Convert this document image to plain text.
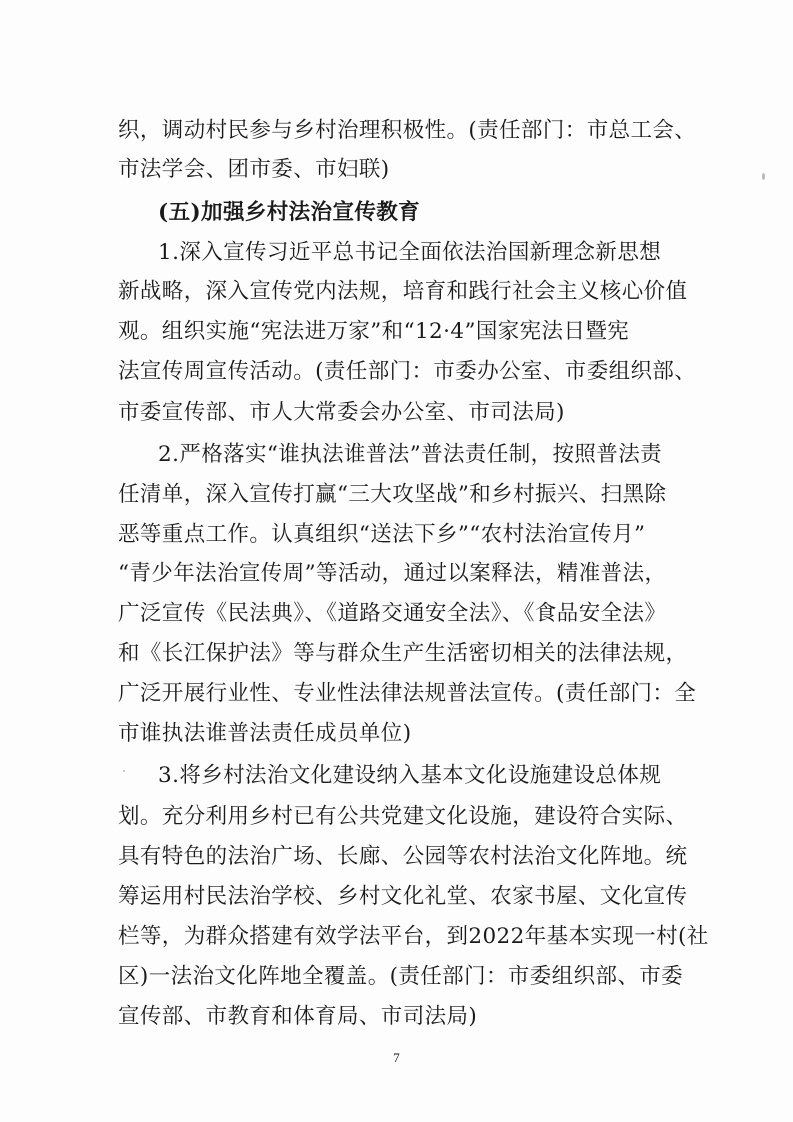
织，调动村民参与乡村治理积极性。(责任部门：市总工会、
市法学会、团市委、市妇联)
(五)加强乡村法治宣传教育
1.深入宣传习近平总书记全面依法治国新理念新思想
新战略，深入宣传党内法规，培育和践行社会主义核心价值
观。组织实施“宪法进万家”和“12·4”国家宪法日暨宪
法宣传周宣传活动。(责任部门：市委办公室、市委组织部、
市委宣传部、市人大常委会办公室、市司法局)
2.严格落实“谁执法谁普法”普法责任制，按照普法责
任清单，深入宣传打赢“三大攻坚战”和乡村振兴、扫黑除
恶等重点工作。认真组织“送法下乡”“农村法治宣传月”
“青少年法治宣传周”等活动，通过以案释法，精准普法，
广泛宣传《民法典》、《道路交通安全法》、《食品安全法》
和《长江保护法》等与群众生产生活密切相关的法律法规，
广泛开展行业性、专业性法律法规普法宣传。(责任部门：全
市谁执法谁普法责任成员单位)
3.将乡村法治文化建设纳入基本文化设施建设总体规
划。充分利用乡村已有公共党建文化设施，建设符合实际、
具有特色的法治广场、长廊、公园等农村法治文化阵地。统
筹运用村民法治学校、乡村文化礼堂、农家书屋、文化宣传
栏等，为群众搭建有效学法平台，到2022年基本实现一村(社
区)一法治文化阵地全覆盖。(责任部门：市委组织部、市委
宣传部、市教育和体育局、市司法局)
7
